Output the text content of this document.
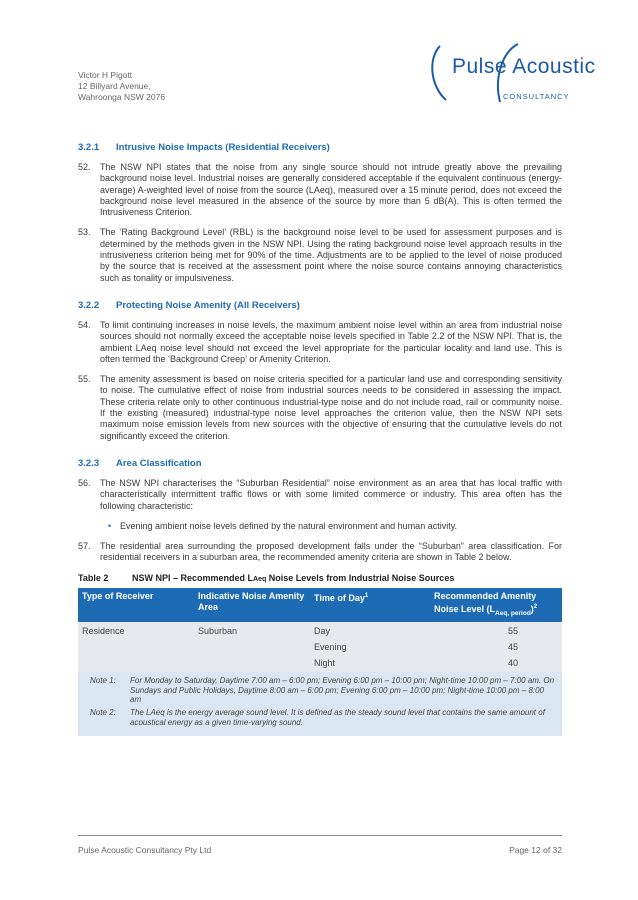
Victor H Pigott
12 Billyard Avenue,
Wahroonga NSW 2076
Pulse Acoustic
CONSULTANCY
3.2.1 Intrusive Noise Impacts (Residential Receivers)

52. The NSW NPI states that the noise from any single source should not intrude greatly above the prevailing background noise level. Industrial noises are generally considered acceptable if the equivalent continuous (energy-average) A-weighted level of noise from the source (LAeq), measured over a 15 minute period, does not exceed the background noise level measured in the absence of the source by more than 5 dB(A). This is often termed the Intrusiveness Criterion.

53. The ‘Rating Background Level’ (RBL) is the background noise level to be used for assessment purposes and is determined by the methods given in the NSW NPI. Using the rating background noise level approach results in the intrusiveness criterion being met for 90% of the time. Adjustments are to be applied to the level of noise produced by the source that is received at the assessment point where the noise source contains annoying characteristics such as tonality or impulsiveness.

3.2.2 Protecting Noise Amenity (All Receivers)

54. To limit continuing increases in noise levels, the maximum ambient noise level within an area from industrial noise sources should not normally exceed the acceptable noise levels specified in Table 2.2 of the NSW NPI. That is, the ambient LAeq noise level should not exceed the level appropriate for the particular locality and land use. This is often termed the ‘Background Creep’ or Amenity Criterion.

55. The amenity assessment is based on noise criteria specified for a particular land use and corresponding sensitivity to noise. The cumulative effect of noise from industrial sources needs to be considered in assessing the impact. These criteria relate only to other continuous industrial-type noise and do not include road, rail or community noise. If the existing (measured) industrial-type noise level approaches the criterion value, then the NSW NPI sets maximum noise emission levels from new sources with the objective of ensuring that the cumulative levels do not significantly exceed the criterion.

3.2.3 Area Classification

56. The NSW NPI characterises the “Suburban Residential” noise environment as an area that has local traffic with characteristically intermittent traffic flows or with some limited commerce or industry. This area often has the following characteristic:

• Evening ambient noise levels defined by the natural environment and human activity.

57. The residential area surrounding the proposed development falls under the “Suburban” area classification. For residential receivers in a suburban area, the recommended amenity criteria are shown in Table 2 below.

Table 2	NSW NPI – Recommended LAeq Noise Levels from Industrial Noise Sources
Type of Receiver	Indicative Noise Amenity Area	Time of Day$^1$	Recommended Amenity Noise Level $(L_{Aeq, period})^2$
Residence	Suburban	Day	55
		Evening	45
		Night	40
Note 1: For Monday to Saturday, Daytime 7:00 am – 6:00 pm; Evening 6:00 pm – 10:00 pm; Night-time 10:00 pm – 7:00 am. On Sundays and Public Holidays, Daytime 8:00 am – 6:00 pm; Evening 6:00 pm – 10:00 pm; Night-time 10:00 pm – 8:00 am
Note 2: The LAeq is the energy average sound level. It is defined as the steady sound level that contains the same amount of acoustical energy as a given time-varying sound.
Pulse Acoustic Consultancy Pty Ltd	Page 12 of 32
